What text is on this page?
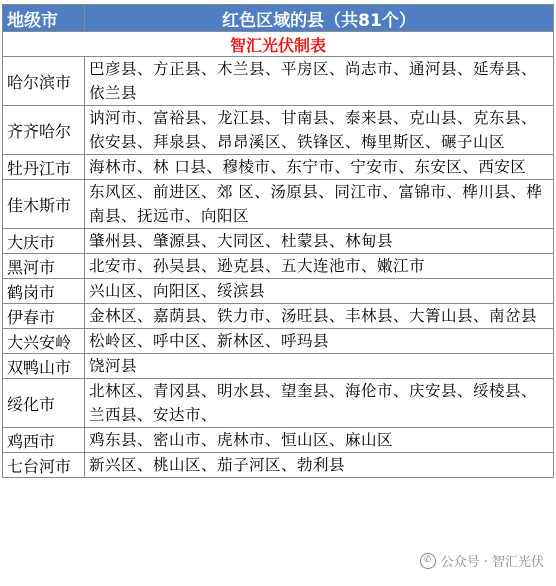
地级市	红色区域的县（共81个）
智汇光伏制表	
哈尔滨市	巴彦县、方正县、木兰县、平房区、尚志市、通河县、延寿县、依兰县
齐齐哈尔	讷河市、富裕县、龙江县、甘南县、泰来县、克山县、克东县、依安县、拜泉县、昂昂溪区、铁锋区、梅里斯区、碾子山区
牡丹江市	海林市、林 口县、穆棱市、东宁市、宁安市、东安区、西安区
佳木斯市	东风区、前进区、郊 区、汤原县、同江市、富锦市、桦川县、桦南县、抚远市、向阳区
大庆市	肇州县、肇源县、大同区、杜蒙县、林甸县
黑河市	北安市、孙吴县、逊克县、五大连池市、嫩江市
鹤岗市	兴山区、向阳区、绥滨县
伊春市	金林区、嘉荫县、铁力市、汤旺县、丰林县、大箐山县、南岔县
大兴安岭	松岭区、呼中区、新林区、呼玛县
双鸭山市	饶河县
绥化市	北林区、青冈县、明水县、望奎县、海伦市、庆安县、绥棱县、兰西县、安达市、
鸡西市	鸡东县、密山市、虎林市、恒山区、麻山区
七台河市	新兴区、桃山区、茄子河区、勃利县
✆ 公众号 · 智汇光伏
